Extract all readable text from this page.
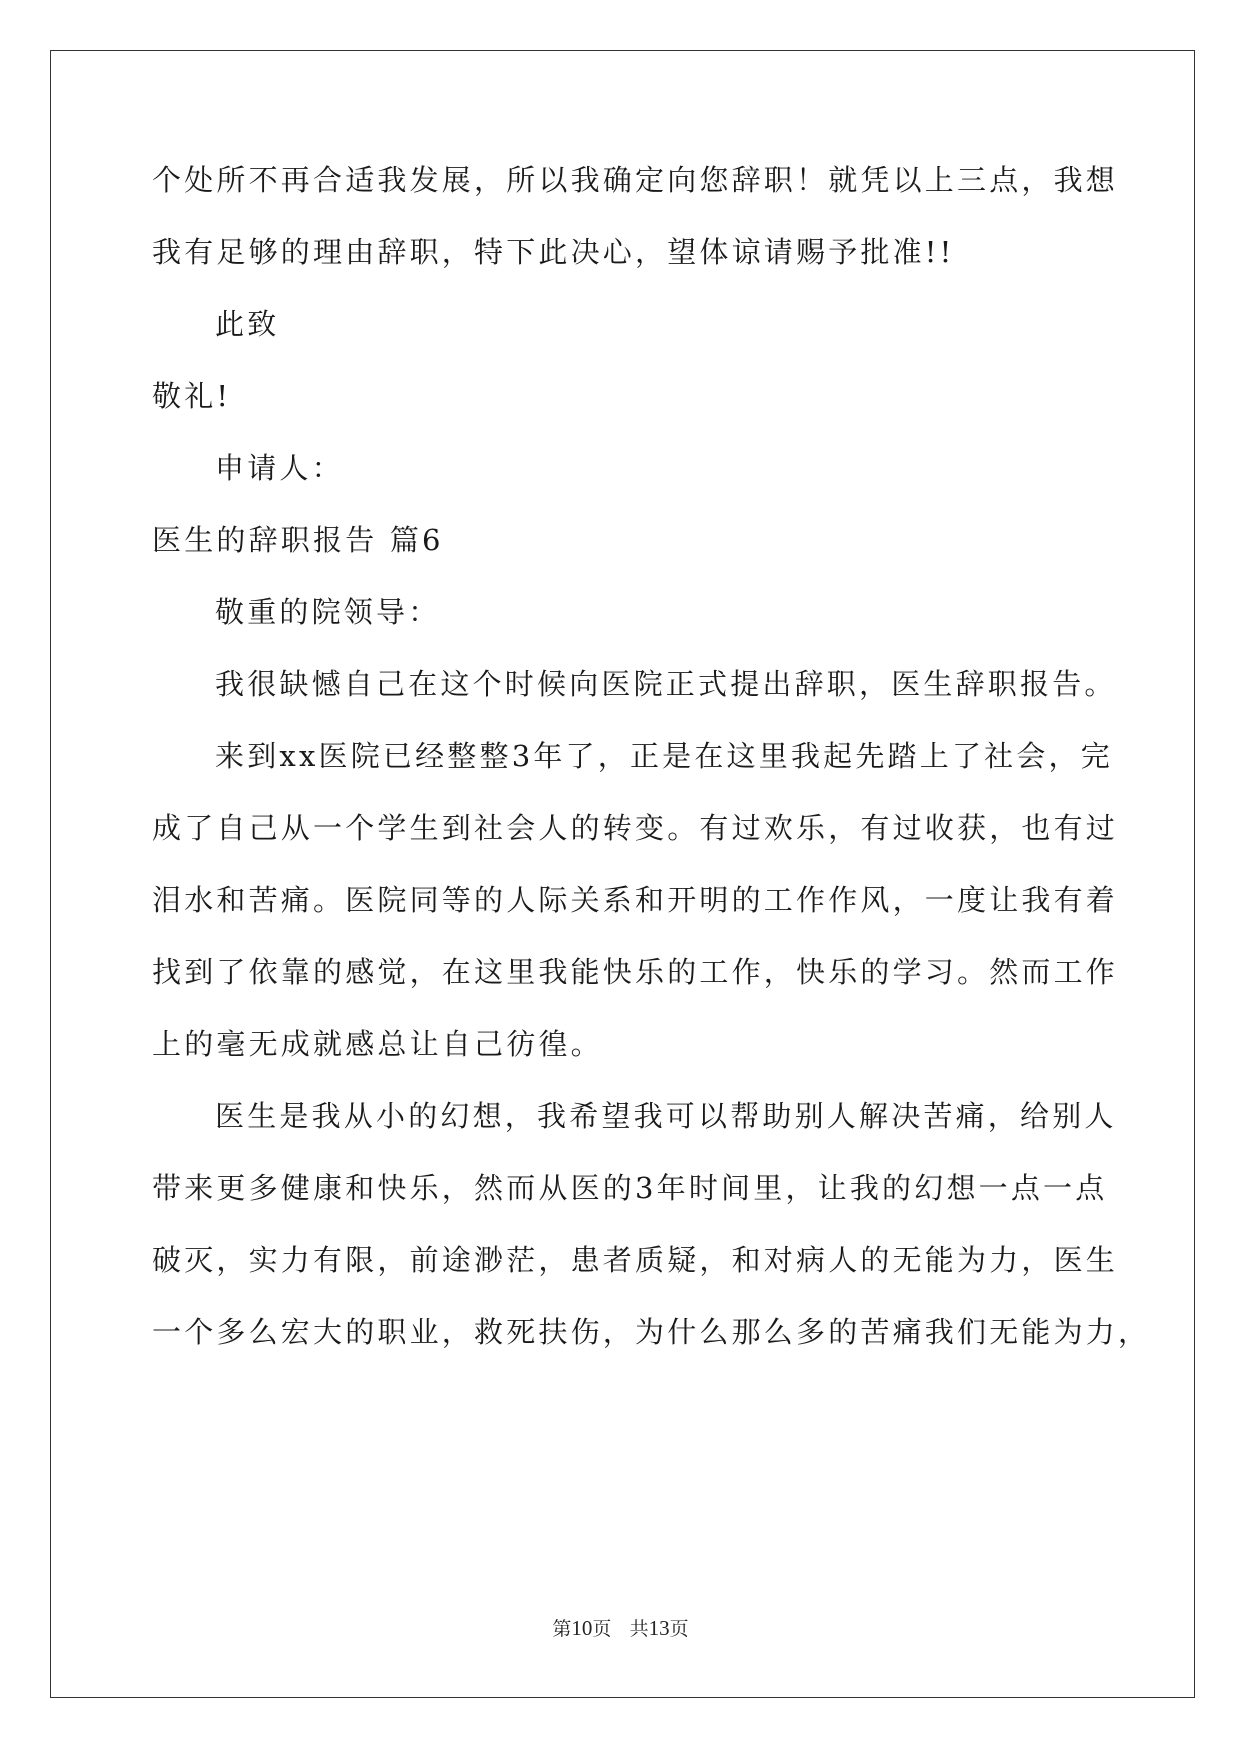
个处所不再合适我发展，所以我确定向您辞职！就凭以上三点，我想
我有足够的理由辞职，特下此决心，望体谅请赐予批准!!
此致
敬礼!
申请人：
医生的辞职报告 篇6
敬重的院领导：
我很缺憾自己在这个时候向医院正式提出辞职，医生辞职报告。
来到xx医院已经整整3年了，正是在这里我起先踏上了社会，完
成了自己从一个学生到社会人的转变。有过欢乐，有过收获，也有过
泪水和苦痛。医院同等的人际关系和开明的工作作风，一度让我有着
找到了依靠的感觉，在这里我能快乐的工作，快乐的学习。然而工作
上的毫无成就感总让自己彷徨。
医生是我从小的幻想，我希望我可以帮助别人解决苦痛，给别人
带来更多健康和快乐，然而从医的3年时间里，让我的幻想一点一点
破灭，实力有限，前途渺茫，患者质疑，和对病人的无能为力，医生
一个多么宏大的职业，救死扶伤，为什么那么多的苦痛我们无能为力，
第10页 共13页
